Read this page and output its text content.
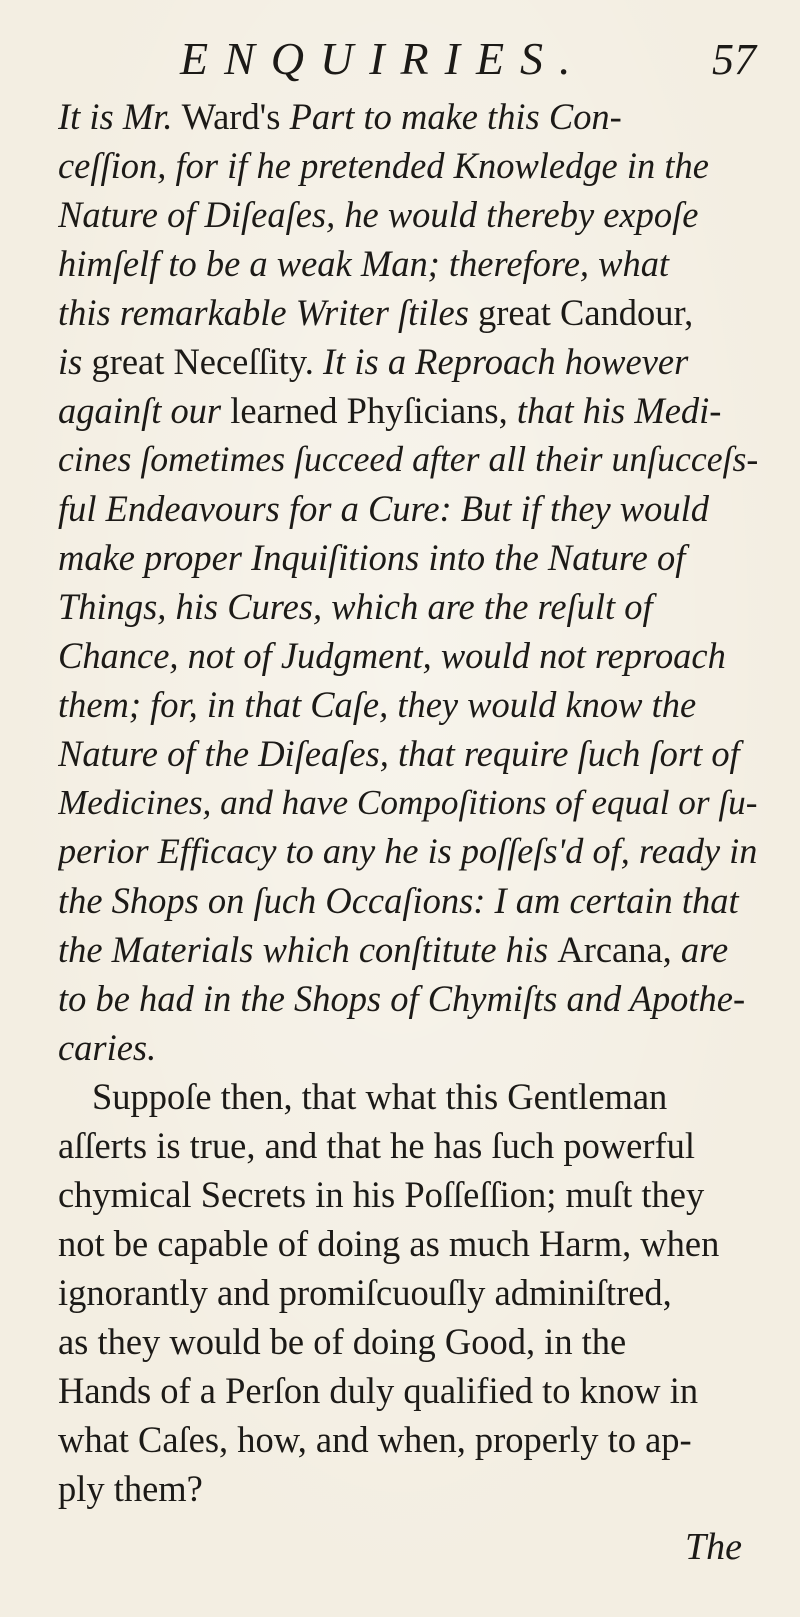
ENQUIRIES.	57
It is Mr. Ward's Part to make this Con-
ceſſion, for if he pretended Knowledge in the
Nature of Diſeaſes, he would thereby expoſe
himſelf to be a weak Man; therefore, what
this remarkable Writer ſtiles great Candour,
is great Neceſſity. It is a Reproach however
againſt our learned Phyſicians, that his Medi-
cines ſometimes ſucceed after all their unſucceſs-
ful Endeavours for a Cure: But if they would
make proper Inquiſitions into the Nature of
Things, his Cures, which are the reſult of
Chance, not of Judgment, would not reproach
them; for, in that Caſe, they would know the
Nature of the Diſeaſes, that require ſuch ſort of
Medicines, and have Compoſitions of equal or ſu-
perior Efficacy to any he is poſſeſs'd of, ready in
the Shops on ſuch Occaſions: I am certain that
the Materials which conſtitute his Arcana, are
to be had in the Shops of Chymiſts and Apothe-
caries.
Suppoſe then, that what this Gentleman
aſſerts is true, and that he has ſuch powerful
chymical Secrets in his Poſſeſſion; muſt they
not be capable of doing as much Harm, when
ignorantly and promiſcuouſly adminiſtred,
as they would be of doing Good, in the
Hands of a Perſon duly qualified to know in
what Caſes, how, and when, properly to ap-
ply them?
The
